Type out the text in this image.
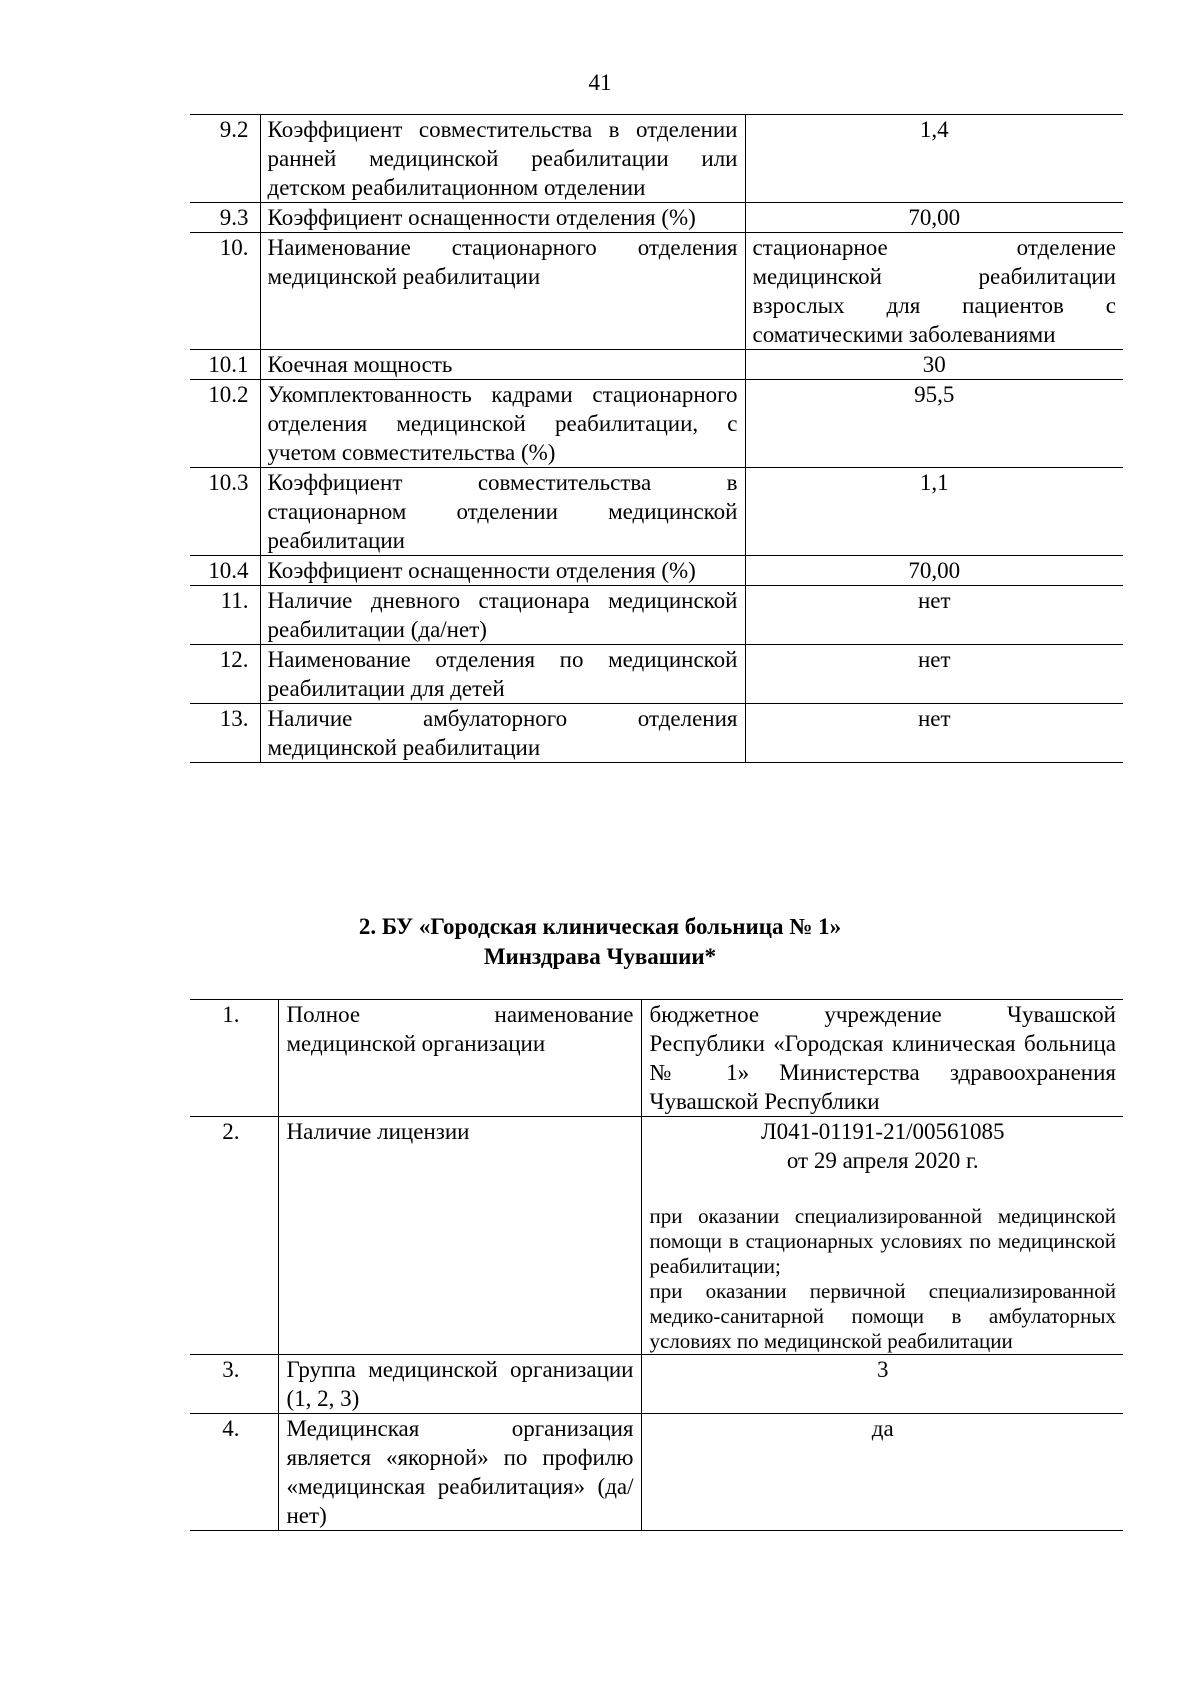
41
9.2	Коэффициент совместительства в отделении ранней медицинской реабилитации или детском реабилитационном отделении	1,4
9.3	Коэффициент оснащенности отделения (%)	70,00
10.	Наименование стационарного отделения медицинской реабилитации	стационарное отделение медицинской реабилитации взрослых для пациентов с соматическими заболеваниями
10.1	Коечная мощность	30
10.2	Укомплектованность кадрами стационарного отделения медицинской реабилитации, с учетом совместительства (%)	95,5
10.3	Коэффициент совместительства в стационарном отделении медицинской реабилитации	1,1
10.4	Коэффициент оснащенности отделения (%)	70,00
11.	Наличие дневного стационара медицинской реабилитации (да/нет)	нет
12.	Наименование отделения по медицинской реабилитации для детей	нет
13.	Наличие амбулаторного отделения медицинской реабилитации	нет
2. БУ «Городская клиническая больница № 1»
Минздрава Чувашии*
1.	Полное наименование медицинской организации	бюджетное учреждение Чувашской Республики «Городская клиническая больница № 1» Министерства здравоохранения Чувашской Республики
2.	Наличие лицензии	Л041-01191-21/00561085
от 29 апреля 2020 г.
при оказании специализированной медицинской помощи в стационарных условиях по медицинской реабилитации;
при оказании первичной специализированной медико-санитарной помощи в амбулаторных условиях по медицинской реабилитации

3.	Группа медицинской организации (1, 2, 3)	3
4.	Медицинская организация является «якорной» по профилю «медицинская реабилитация» (да/нет)	да
